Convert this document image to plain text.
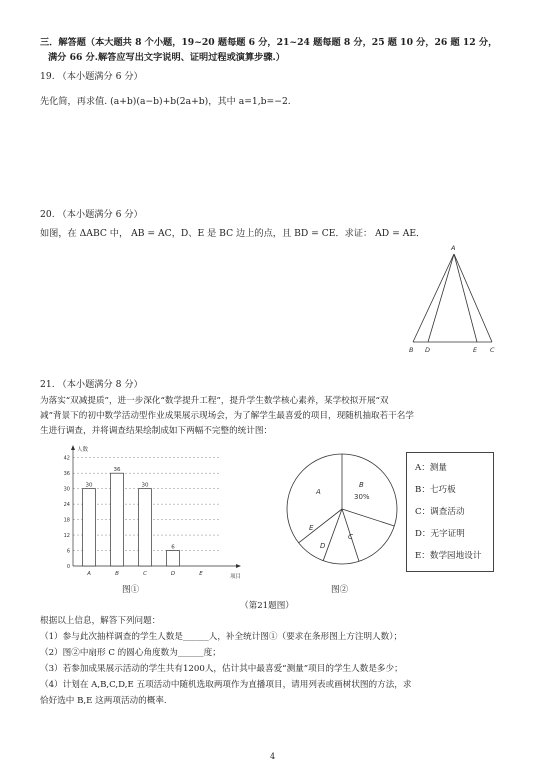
三．解答题（本大题共 8 个小题，19~20 题每题 6 分，21~24 题每题 8 分，25 题 10 分，26 题 12 分，
满分 66 分.解答应写出文字说明、证明过程或演算步骤.）
19. （本小题满分 6 分）
先化简，再求值. (a+b)(a−b)+b(2a+b)，其中 a=1,b=−2.
20. （本小题满分 6 分）
如图，在 ΔABC 中， AB = AC，D、E 是 BC 边上的点，且 BD = CE．求证： AD = AE．
A
B D	E C
21. （本小题满分 8 分）
为落实“双减提质”，进一步深化“数学提升工程”，提升学生数学核心素养，某学校拟开展“双
减”背景下的初中数学活动型作业成果展示现场会，为了解学生最喜爱的项目，现随机抽取若干名学
生进行调查，并将调查结果绘制成如下两幅不完整的统计图：
0
6
12
18
24
30
36
42
人数
项目
30
A
36
B
30
C
6
D	E
A
B
30%
C
D
E
A：测量
B：七巧板
C：调查活动
D：无字证明
E：数学园地设计
图①	图②
（第21题图）
根据以上信息，解答下列问题：
（1）参与此次抽样调查的学生人数是______人，补全统计图①（要求在条形图上方注明人数）；
（2）图②中扇形 C 的圆心角度数为______度；
（3）若参加成果展示活动的学生共有1200人，估计其中最喜爱“测量”项目的学生人数是多少；
（4）计划在 A,B,C,D,E 五项活动中随机选取两项作为直播项目，请用列表或画树状图的方法，求
恰好选中 B,E 这两项活动的概率.
4
